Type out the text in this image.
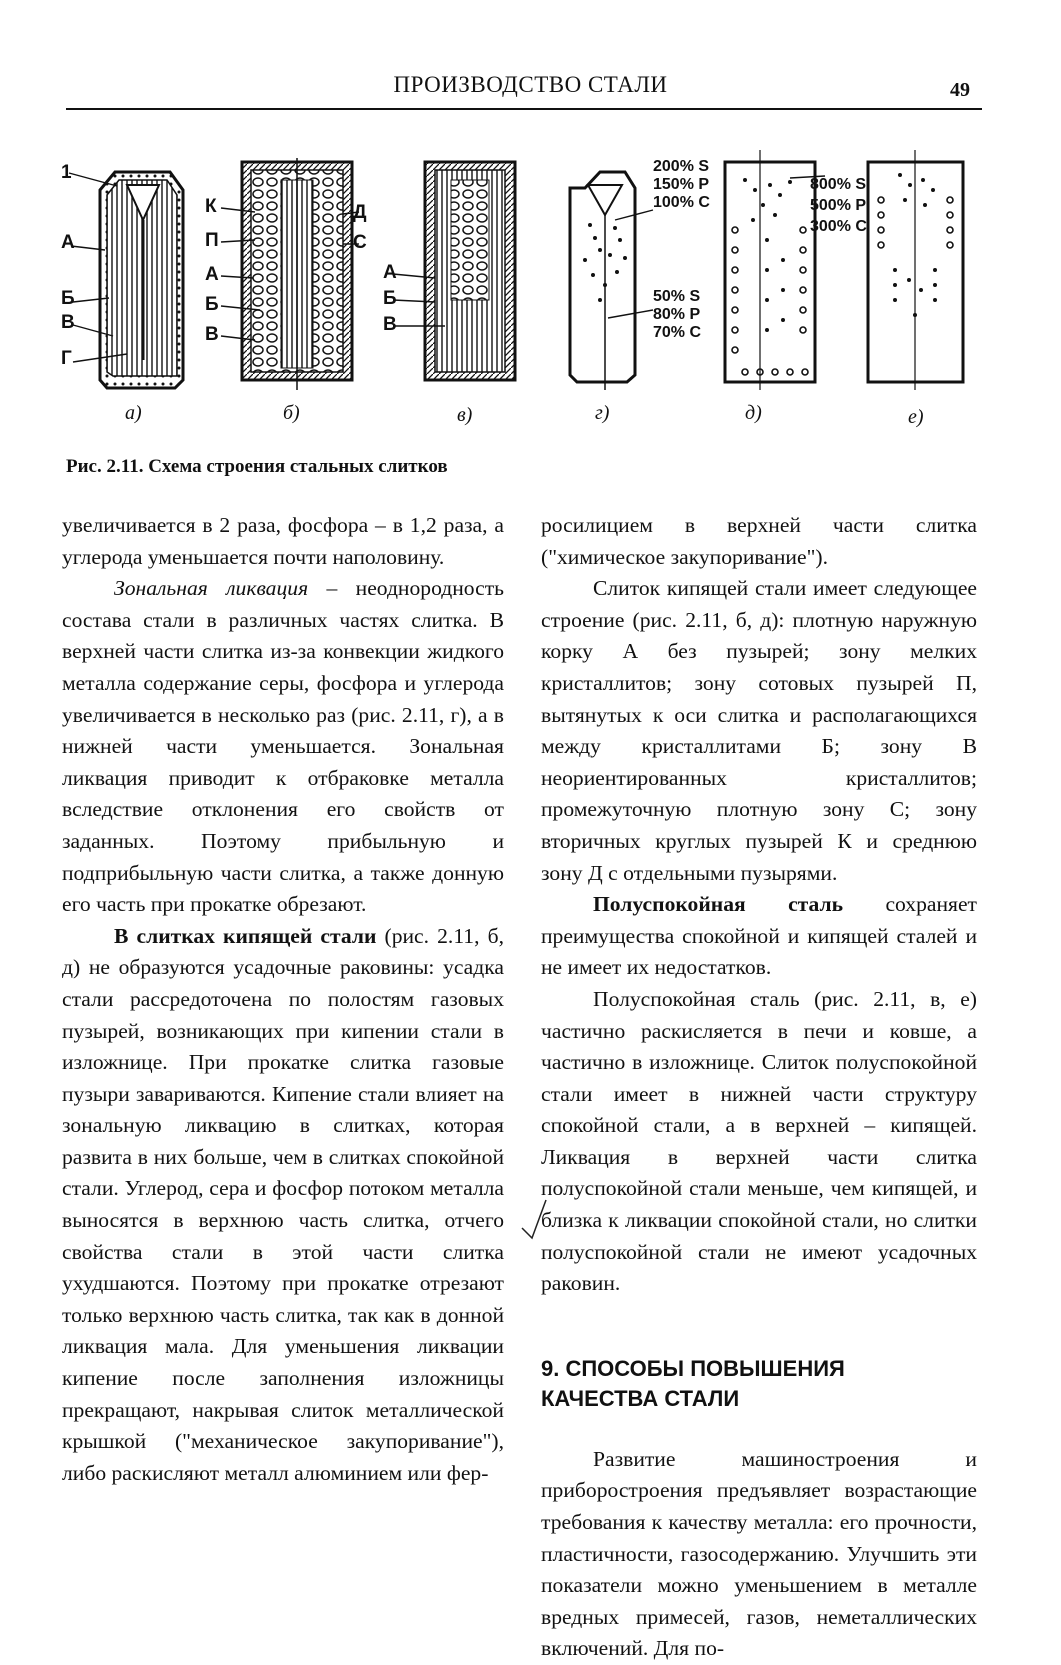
ПРОИЗВОДСТВО СТАЛИ	49
1
А
Б
В
Г
К
П
А
Б
В
Д
С
А
Б
В
200% S
150% P
100% C
50% S
80% P
70% C
800% S
500% P
300% C
а)	б)	в)	г)	д)	е)
Рис. 2.11. Схема строения стальных слитков

увеличивается в 2 раза, фосфора – в 1,2 раза, а углерода уменьшается почти наполовину.

Зональная ликвация – неоднородность состава стали в различных частях слитка. В верхней части слитка из-за конвекции жидкого металла содержание серы, фосфора и углерода увеличивается в несколько раз (рис. 2.11, г), а в нижней части уменьшается. Зональная ликвация приводит к отбраковке металла вследствие отклонения его свойств от заданных. Поэтому прибыльную и подприбыльную части слитка, а также донную его часть при прокатке обрезают.

В слитках кипящей стали (рис. 2.11, б, д) не образуются усадочные раковины: усадка стали рассредоточена по полостям газовых пузырей, возникающих при кипении стали в изложнице. При прокатке слитка газовые пузыри завариваются. Кипение стали влияет на зональную ликвацию в слитках, которая развита в них больше, чем в слитках спокойной стали. Углерод, сера и фосфор потоком металла выносятся в верхнюю часть слитка, отчего свойства стали в этой части слитка ухудшаются. Поэтому при прокатке отрезают только верхнюю часть слитка, так как в донной ликвация мала. Для уменьшения ликвации кипение после заполнения изложницы прекращают, накрывая слиток металлической крышкой ("механическое закупоривание"), либо раскисляют металл алюминием или фер-

росилицием в верхней части слитка ("химическое закупоривание").

Слиток кипящей стали имеет следующее строение (рис. 2.11, б, д): плотную наружную корку А без пузырей; зону мелких кристаллитов; зону сотовых пузырей П, вытянутых к оси слитка и располагающихся между кристаллитами Б; зону В неориентированных кристаллитов; промежуточную плотную зону С; зону вторичных круглых пузырей К и среднюю зону Д с отдельными пузырями.

Полуспокойная сталь сохраняет преимущества спокойной и кипящей сталей и не имеет их недостатков.

Полуспокойная сталь (рис. 2.11, в, е) частично раскисляется в печи и ковше, а частично в изложнице. Слиток полуспокойной стали имеет в нижней части структуру спокойной стали, а в верхней – кипящей. Ликвация в верхней части слитка полуспокойной стали меньше, чем кипящей, и близка к ликвации спокойной стали, но слитки полуспокойной стали не имеют усадочных раковин.

9. СПОСОБЫ ПОВЫШЕНИЯ
КАЧЕСТВА СТАЛИ

Развитие машиностроения и приборостроения предъявляет возрастающие требования к качеству металла: его прочности, пластичности, газосодержанию. Улучшить эти показатели можно уменьшением в металле вредных примесей, газов, неметаллических включений. Для по-
